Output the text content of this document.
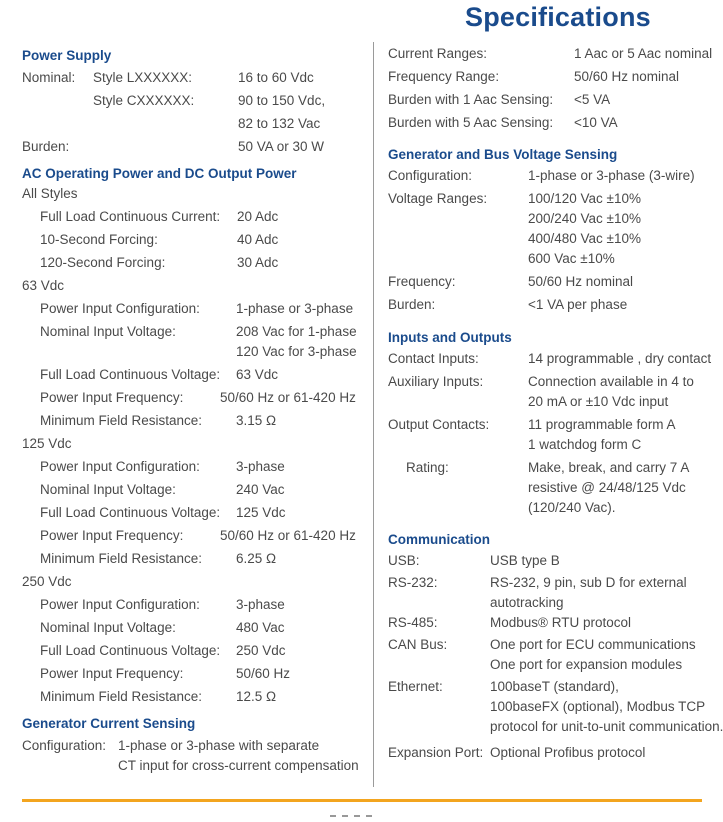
Specifications
Power Supply
Nominal: Style LXXXXXX:	16 to 60 Vdc
Style CXXXXXX:	90 to 150 Vdc,
82 to 132 Vac
Burden:	50 VA or 30 W
AC Operating Power and DC Output Power
All Styles
Full Load Continuous Current: 20 Adc
10-Second Forcing:	40 Adc
120-Second Forcing:	30 Adc
63 Vdc
Power Input Configuration:	1-phase or 3-phase
Nominal Input Voltage:	208 Vac for 1-phase
120 Vac for 3-phase
Full Load Continuous Voltage: 63 Vdc
Power Input Frequency:	50/60 Hz or 61-420 Hz
Minimum Field Resistance:	3.15 Ω
125 Vdc
Power Input Configuration:	3-phase
Nominal Input Voltage:	240 Vac
Full Load Continuous Voltage: 125 Vdc
Power Input Frequency:	50/60 Hz or 61-420 Hz
Minimum Field Resistance:	6.25 Ω
250 Vdc
Power Input Configuration:	3-phase
Nominal Input Voltage:	480 Vac
Full Load Continuous Voltage: 250 Vdc
Power Input Frequency:	50/60 Hz
Minimum Field Resistance:	12.5 Ω
Generator Current Sensing
Configuration: 1-phase or 3-phase with separate
CT input for cross-current compensation
Current Ranges:	1 Aac or 5 Aac nominal
Frequency Range:	50/60 Hz nominal
Burden with 1 Aac Sensing: <5 VA
Burden with 5 Aac Sensing: <10 VA
Generator and Bus Voltage Sensing
Configuration:	1-phase or 3-phase (3-wire)
Voltage Ranges:	100/120 Vac ±10%
200/240 Vac ±10%
400/480 Vac ±10%
600 Vac ±10%
Frequency:	50/60 Hz nominal
Burden:	<1 VA per phase
Inputs and Outputs
Contact Inputs:	14 programmable , dry contact
Auxiliary Inputs:	Connection available in 4 to
20 mA or ±10 Vdc input
Output Contacts:	11 programmable form A
1 watchdog form C
Rating:	Make, break, and carry 7 A
resistive @ 24/48/125 Vdc
(120/240 Vac).
Communication
USB:	USB type B
RS-232:	RS-232, 9 pin, sub D for external
autotracking
RS-485:	Modbus® RTU protocol
CAN Bus:	One port for ECU communications
One port for expansion modules
Ethernet:	100baseT (standard),
100baseFX (optional), Modbus TCP
protocol for unit-to-unit communication.
Expansion Port: Optional Profibus protocol
